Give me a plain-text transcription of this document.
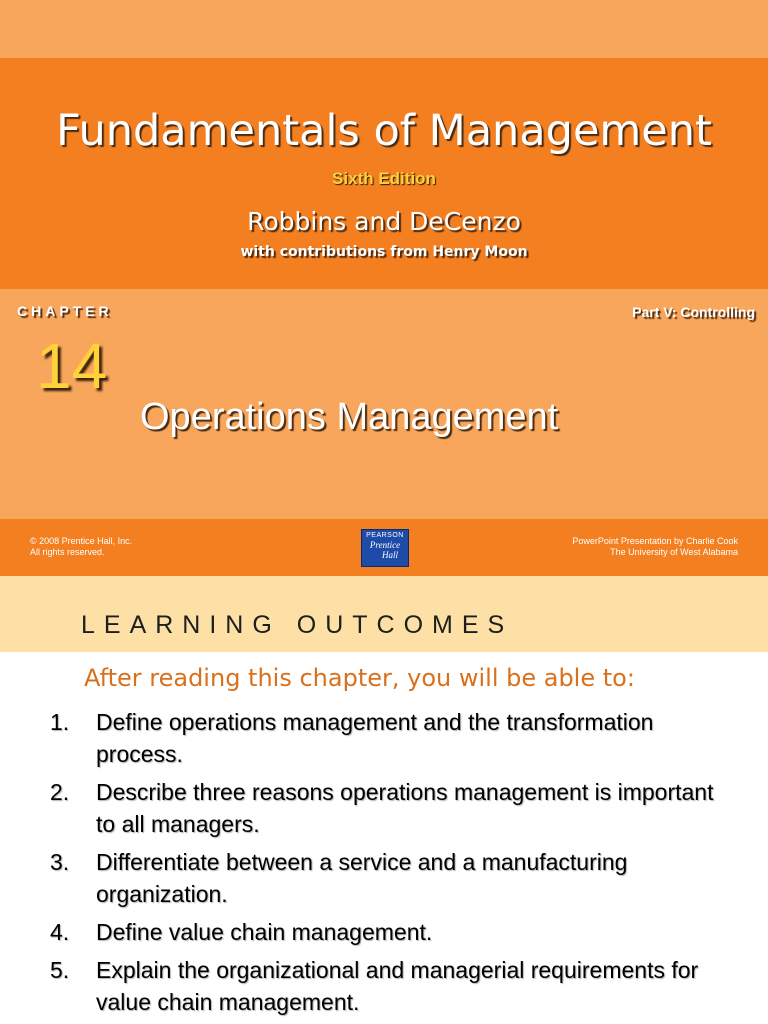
Fundamentals of Management
Sixth Edition
Robbins and DeCenzo
with contributions from Henry Moon
CHAPTER	Part V: Controlling
14
Operations Management
© 2008 Prentice Hall, Inc.
All rights reserved.
PEARSON
Prentice
Hall
PowerPoint Presentation by Charlie Cook
The University of West Alabama
LEARNING OUTCOMES
After reading this chapter, you will be able to:
1. Define operations management and the transformation process.
2. Describe three reasons operations management is important to all managers.
3. Differentiate between a service and a manufacturing organization.
4. Define value chain management.
5. Explain the organizational and managerial requirements for value chain management.
